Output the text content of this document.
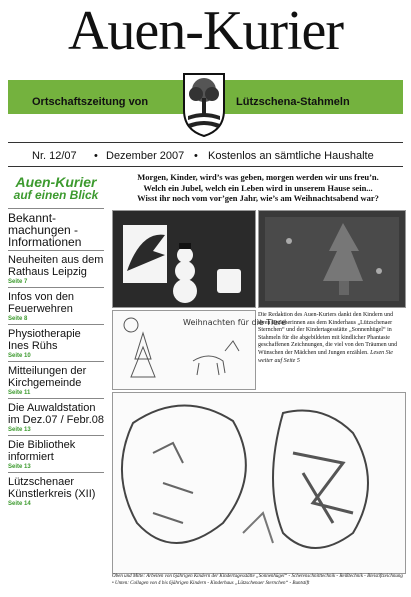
Auen-Kurier
Ortschaftszeitung von	Lützschena-Stahmeln
Nr. 12/07 • Dezember 2007 • Kostenlos an sämtliche Haushalte
Auen-Kurier
auf einen Blick
Bekannt-machungen - Informationen
Neuheiten aus dem Rathaus Leipzig
Seite 7
Infos von den Feuerwehren
Seite 8
Physiotherapie Ines Rühs
Seite 10
Mitteilungen der Kirchgemeinde
Seite 11
Die Auwaldstation im Dez.07 / Febr.08
Seite 13
Die Bibliothek informiert
Seite 13
Lützschenaer Künstlerkreis (XII)
Seite 14
Morgen, Kinder, wird’s was geben, morgen werden wir uns freu’n.
Welch ein Jubel, welch ein Leben wird in unserem Hause sein...
Wisst ihr noch vom vor’gen Jahr, wie’s am Weihnachtsabend war?
Weihnachten für die Tiere
Die Redaktion des Auen-Kuriers dankt den Kindern und ihren Erzieherinnen aus dem Kinderhaus „Lützschenaer Sternchen“ und der Kindertagesstätte „Sonnenhügel“ in Stahmeln für die abgebildeten mit kindlicher Phantasie geschaffenen Zeichnungen, die viel von den Träumen und Wünschen der Mädchen und Jungen erzählen. Lesen Sie weiter auf Seite 5
Oben und Mitte: Arbeiten von 6jährigen Kindern der Kindertagesstätte „Sonnenhügel“ - Scherenschnitttechnik - Reißtechnik - Bleistiftzeichnung • Unten: Collagen von 4 bis 6jährigen Kindern - Kinderhaus „Lützschenaer Sternchen“ - Buntstift
